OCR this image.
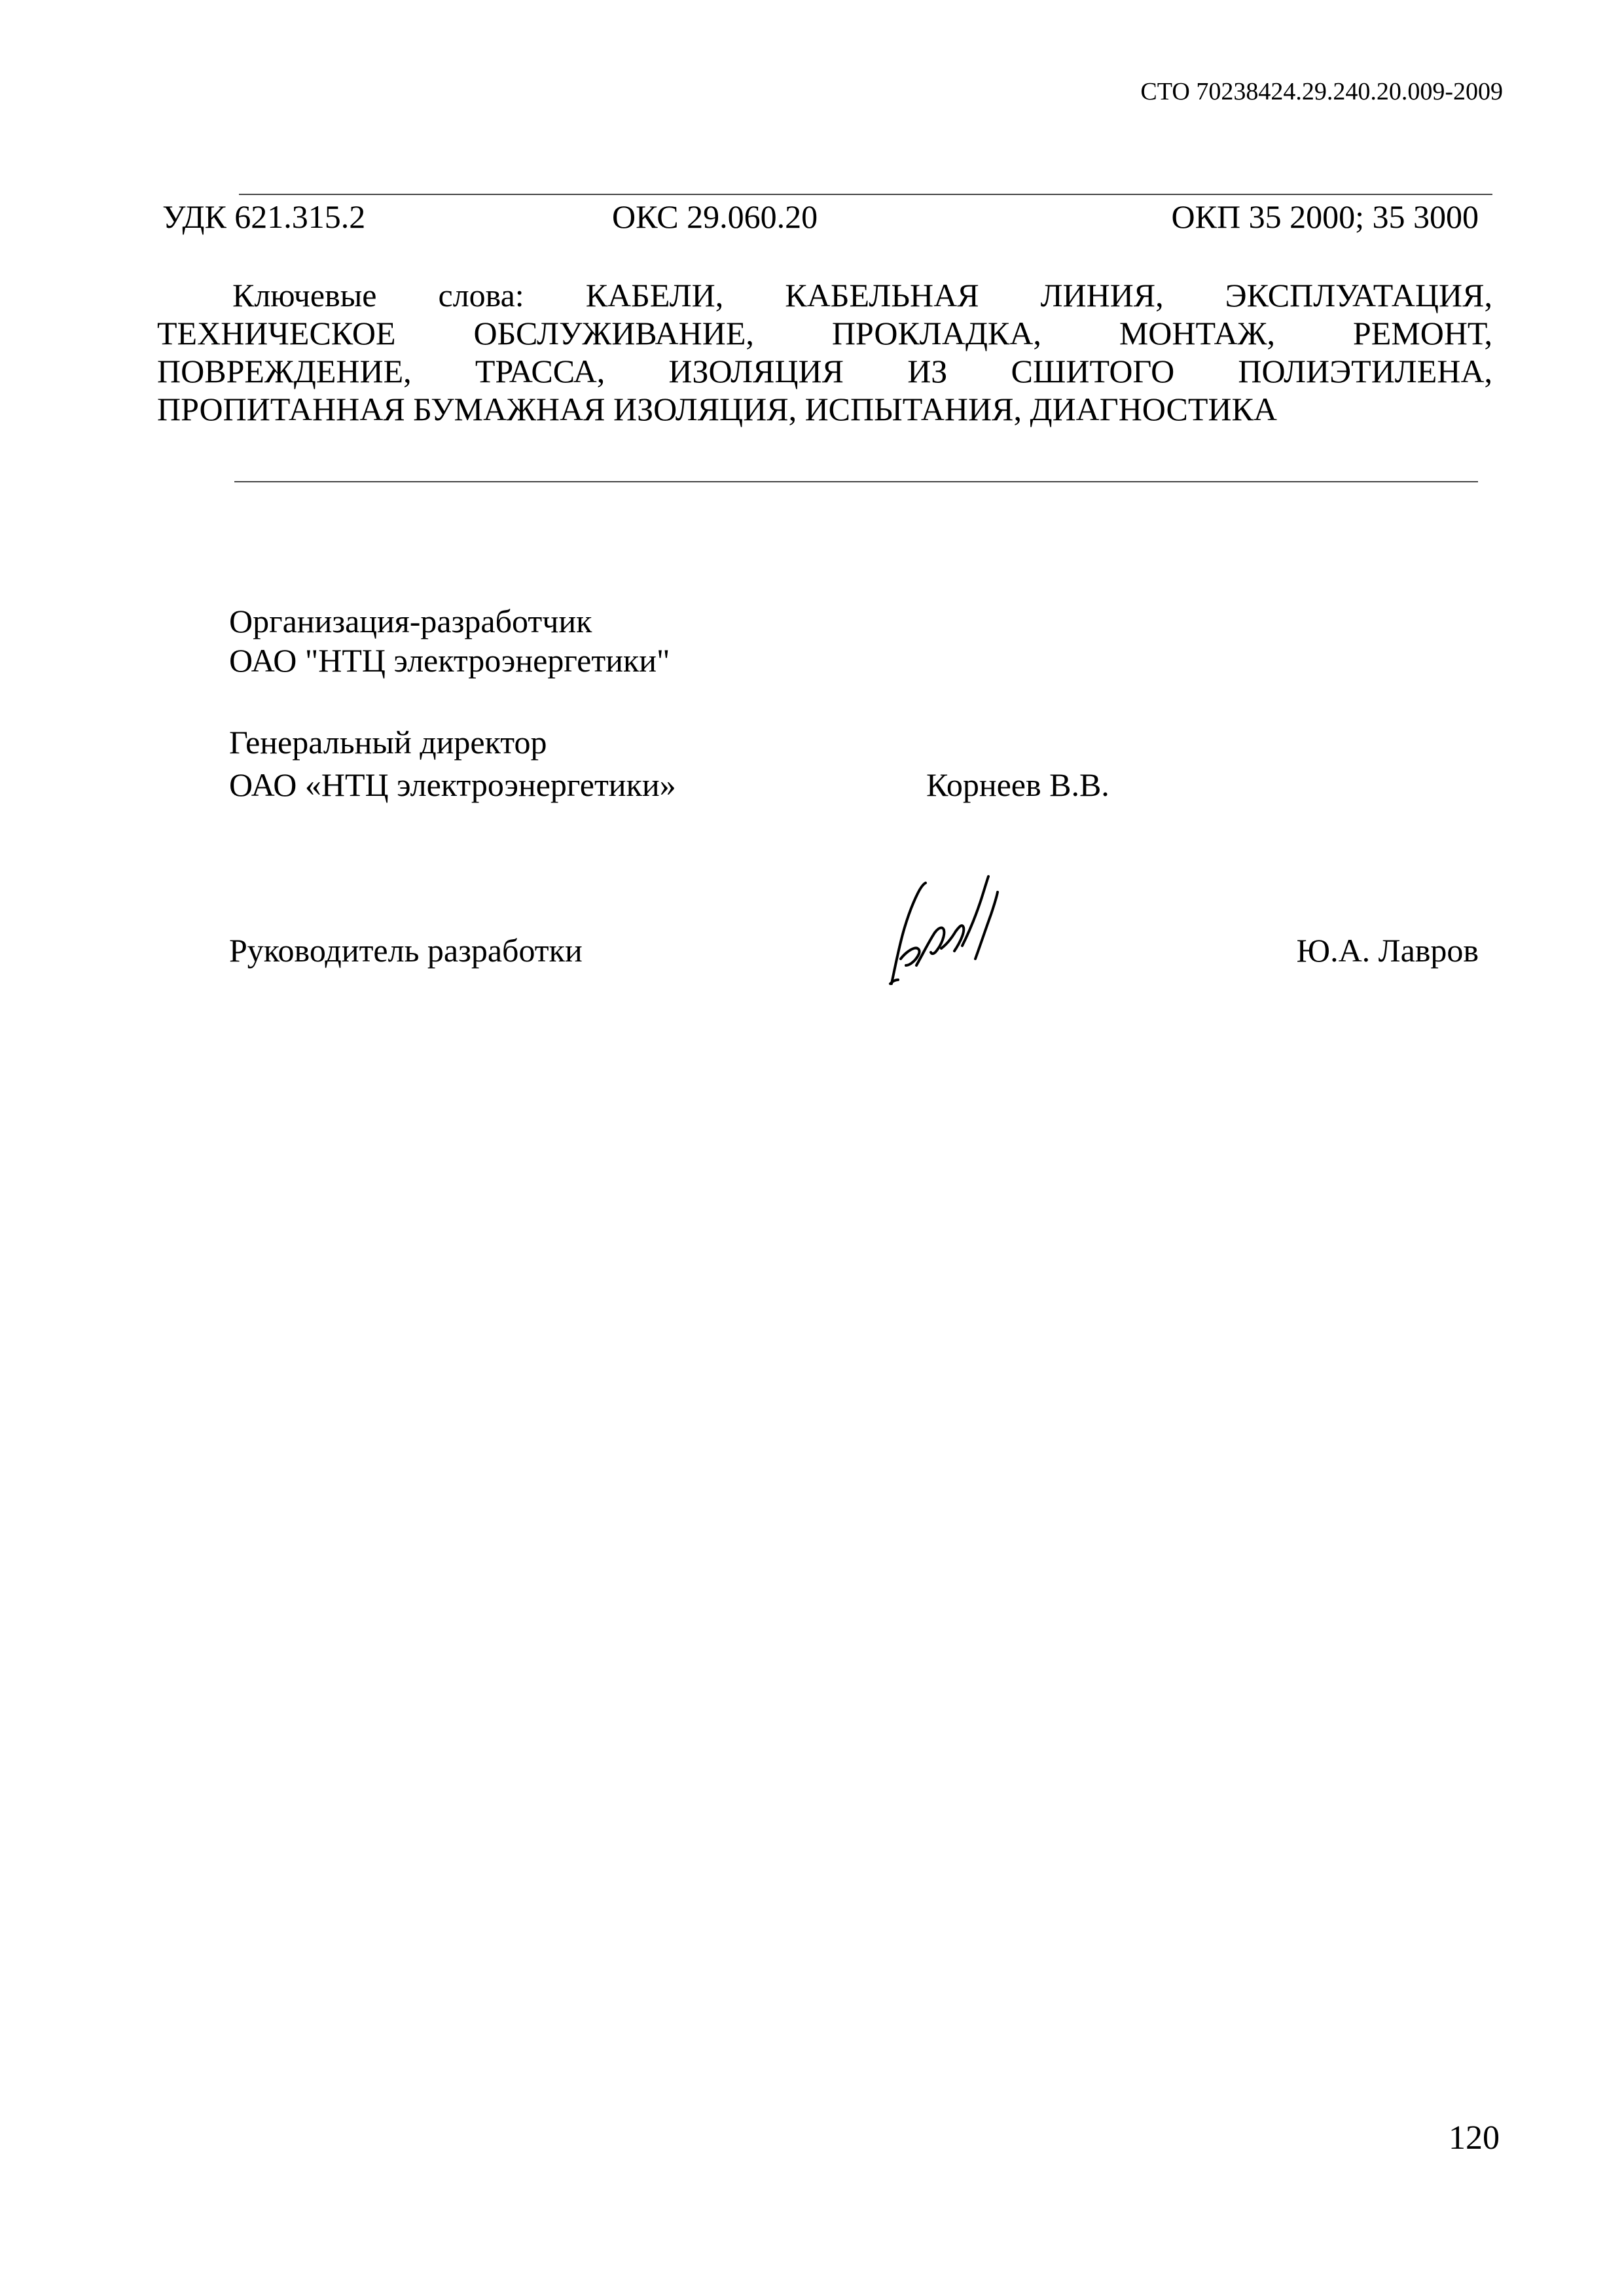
СТО 70238424.29.240.20.009-2009
УДК 621.315.2	ОКС 29.060.20	ОКП 35 2000; 35 3000
Ключевые слова: КАБЕЛИ, КАБЕЛЬНАЯ ЛИНИЯ, ЭКСПЛУАТАЦИЯ,
ТЕХНИЧЕСКОЕ ОБСЛУЖИВАНИЕ, ПРОКЛАДКА, МОНТАЖ, РЕМОНТ,
ПОВРЕЖДЕНИЕ, ТРАССА, ИЗОЛЯЦИЯ ИЗ СШИТОГО ПОЛИЭТИЛЕНА,
ПРОПИТАННАЯ БУМАЖНАЯ ИЗОЛЯЦИЯ, ИСПЫТАНИЯ, ДИАГНОСТИКА
Организация-разработчик
ОАО "НТЦ электроэнергетики"
Генеральный директор
ОАО «НТЦ электроэнергетики»	Корнеев В.В.
Руководитель разработки	Ю.А. Лавров
120
